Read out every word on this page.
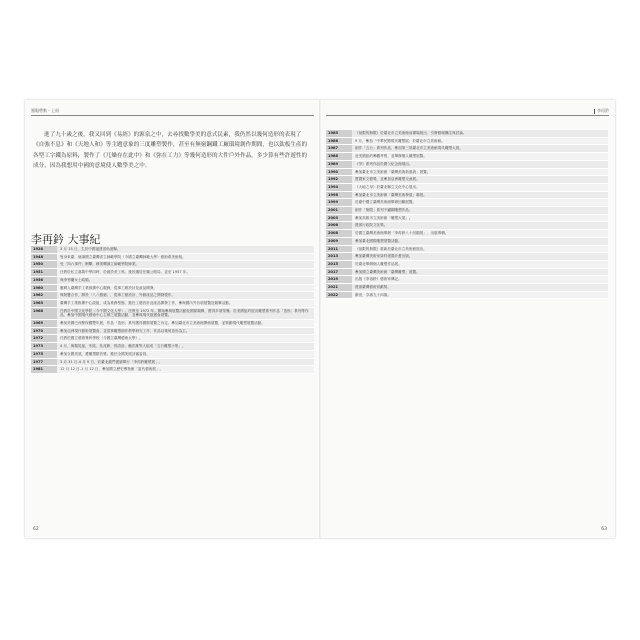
鳳眼帶動・上冊

進了九十歲之後，我又回到《易經》的源泉之中，去尋找數學美的意式民素，我仍然以幾何造形的表現了《自強不息》和《天地人和》等主題意象的三度雕塑製作，甚至有無窮鋼鐵工廠環境創作期間，也以鈦板生產的各型工字鐵為原料，製作了《兀燥存在此中》和《弥在工力》等幾何造形的大件戶外作品，多少算有些許遊性的成分，因為我想用中國的意境使人數學美之中。

李再鈐 大事紀
1928	3 月 15 日，生於中國福建省仙遊縣。
1948	隻身來臺，就讀國立臺灣省立師範學院（今國立臺灣師範大學）藝術系美術組。
1950	受「四六事件」衝擊，肄業轉讀立師範學院肄業。
1951	任教於私立嘉義中學同時，於創設美工科。後因遷居任職公路局，並至 1957 年。
1956	與李秀蘭女士結婚。
1960	應聘入臺灣手工業推廣中心服務，從事工藝設計及產品開發。
1962	與阿寶合作，開設「八八藝廊」，從事工藝設計、外銷產品之開發製作。
1963	臺灣手工業推廣中心改組，成為業務型態，擔任工藝設計及產品開發工作，參與國內外各項展覽及競賽活動。
1968	任教於中國文化學院（今中國文化大學）。任教至 1972 年。開始參與展覽活動及國際競賽，獲得多項榮譽。於美國紐約展出雕塑系列作品「造形」系列等作品，參加中國現代藝術中心主辦之展覽活動，並參與現代版畫會展覽。
1969	參加美國巴西聖保羅雙年展，作品「造形」系列獲得國際展覽之肯定。參加臺北市立美術館開館展覽，並策劃現代雕塑展覽活動。
1970	參加亞洲現代藝術展覽會，並從事雕塑創作教學研究工作，作品以幾何造形為主。
1972	任教於國立藝術專科學校（今國立臺灣藝術大學）。
1973	4 月，與楊英風、朱銘、吳兆賢、郭清治、賴武雄等人組成「五行雕塑小集」。
1975	參加全國美展，獲雕塑類首獎。擔任全國美展評審委員。
1977	3 月 31 日-4 月 9 日，於臺北龍門畫廊舉行「李再鈐雕塑展」。
1981	12 月 12 日-1 月 12 日，參加國立歷史博物館「當代藝術展」。
62
李再鈐
1985	《低限的無限》於臺北市立美術館前廣場展出，引發藝壇關注與討論。
1986	9 月，參加「中華民國現代雕塑展」於臺北市立美術館。
1987	創作「五行」系列作品，參加第三屆臺北市立美術館現代雕塑大展。
1988	赴美國紐約參觀考察，並舉辦個人雕塑展覽。
1989	《孕》系列作品於國父紀念館展出。
1990	參加臺北市立美術館「臺灣美術新風貌」展覽。
1992	獲國家文藝獎，並參加亞洲雕塑交流展。
1994	《大地之母》於臺北縣立文化中心展出。
1996	參加臺北市立美術館「臺灣美術發展」聯展。
1999	於臺中國立臺灣美術館舉辦回顧展覽。
2001	創作「無限」系列不鏽鋼雕塑作品。
2003	參加高雄市立美術館「雕塑大展」。
2006	獲頒行政院文化獎。
2008	於國立臺灣美術館舉辦「李再鈐八十回顧展」，出版專輯。
2009	參加臺北國際雕塑展覽活動。
2011	《低限的無限》重新於臺北市立美術館展出。
2013	參加臺灣美術家資料建置計畫出版。
2015	於臺北舉辦個人雕塑作品展。
2017	參加國立臺灣美術館「臺灣雕塑」展覽。
2019	出版《李再鈐》藝術家傳記。
2021	獲頒臺灣藝術貢獻獎。
2022	辭世，享壽九十四歲。
63
